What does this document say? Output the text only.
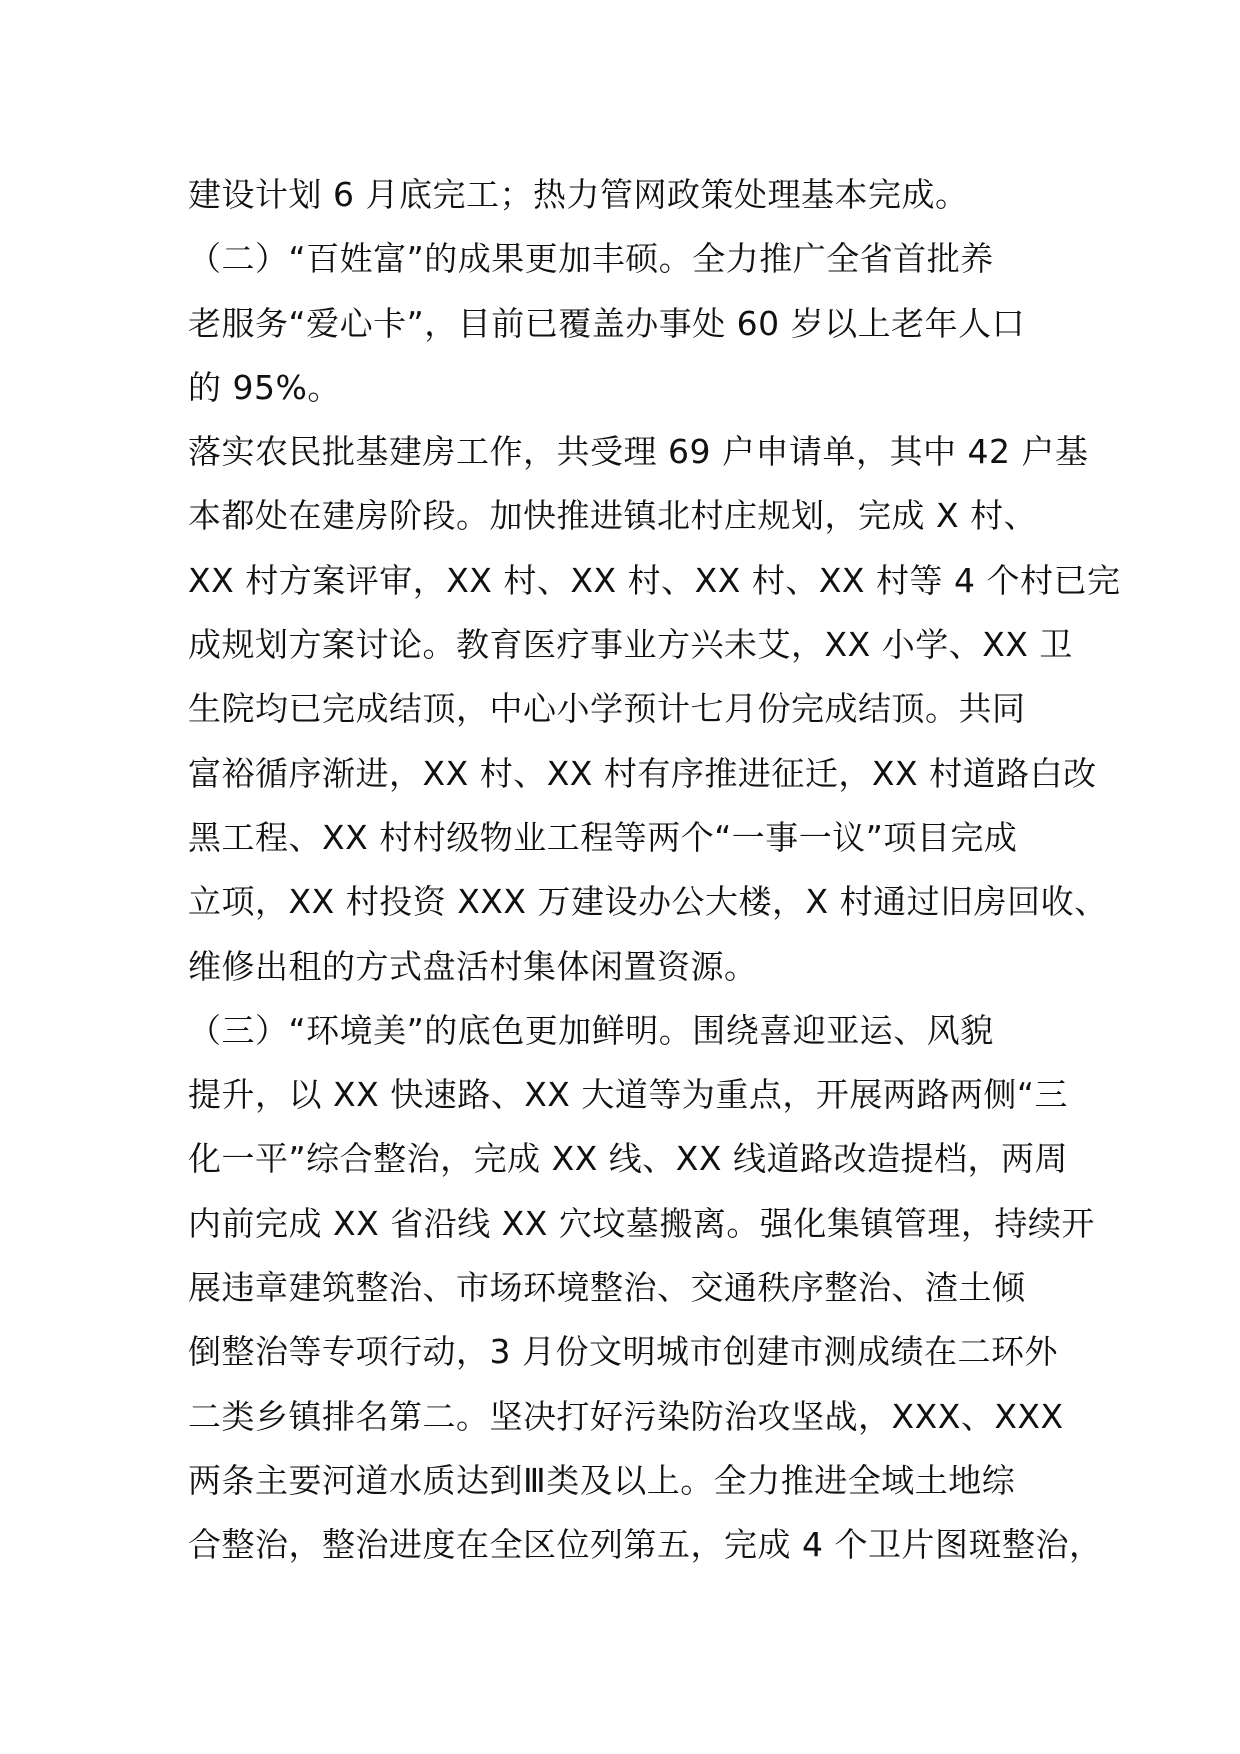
建设计划 6 月底完工；热力管网政策处理基本完成。
（二）“百姓富”的成果更加丰硕。全力推广全省首批养
老服务“爱心卡”，目前已覆盖办事处 60 岁以上老年人口
的 95%。
落实农民批基建房工作，共受理 69 户申请单，其中 42 户基
本都处在建房阶段。加快推进镇北村庄规划，完成 X 村、
XX 村方案评审，XX 村、XX 村、XX 村、XX 村等 4 个村已完
成规划方案讨论。教育医疗事业方兴未艾，XX 小学、XX 卫
生院均已完成结顶，中心小学预计七月份完成结顶。共同
富裕循序渐进，XX 村、XX 村有序推进征迁，XX 村道路白改
黑工程、XX 村村级物业工程等两个“一事一议”项目完成
立项，XX 村投资 XXX 万建设办公大楼，X 村通过旧房回收、
维修出租的方式盘活村集体闲置资源。
（三）“环境美”的底色更加鲜明。围绕喜迎亚运、风貌
提升，以 XX 快速路、XX 大道等为重点，开展两路两侧“三
化一平”综合整治，完成 XX 线、XX 线道路改造提档，两周
内前完成 XX 省沿线 XX 穴坟墓搬离。强化集镇管理，持续开
展违章建筑整治、市场环境整治、交通秩序整治、渣土倾
倒整治等专项行动，3 月份文明城市创建市测成绩在二环外
二类乡镇排名第二。坚决打好污染防治攻坚战，XXX、XXX
两条主要河道水质达到Ⅲ类及以上。全力推进全域土地综
合整治，整治进度在全区位列第五，完成 4 个卫片图斑整治，
